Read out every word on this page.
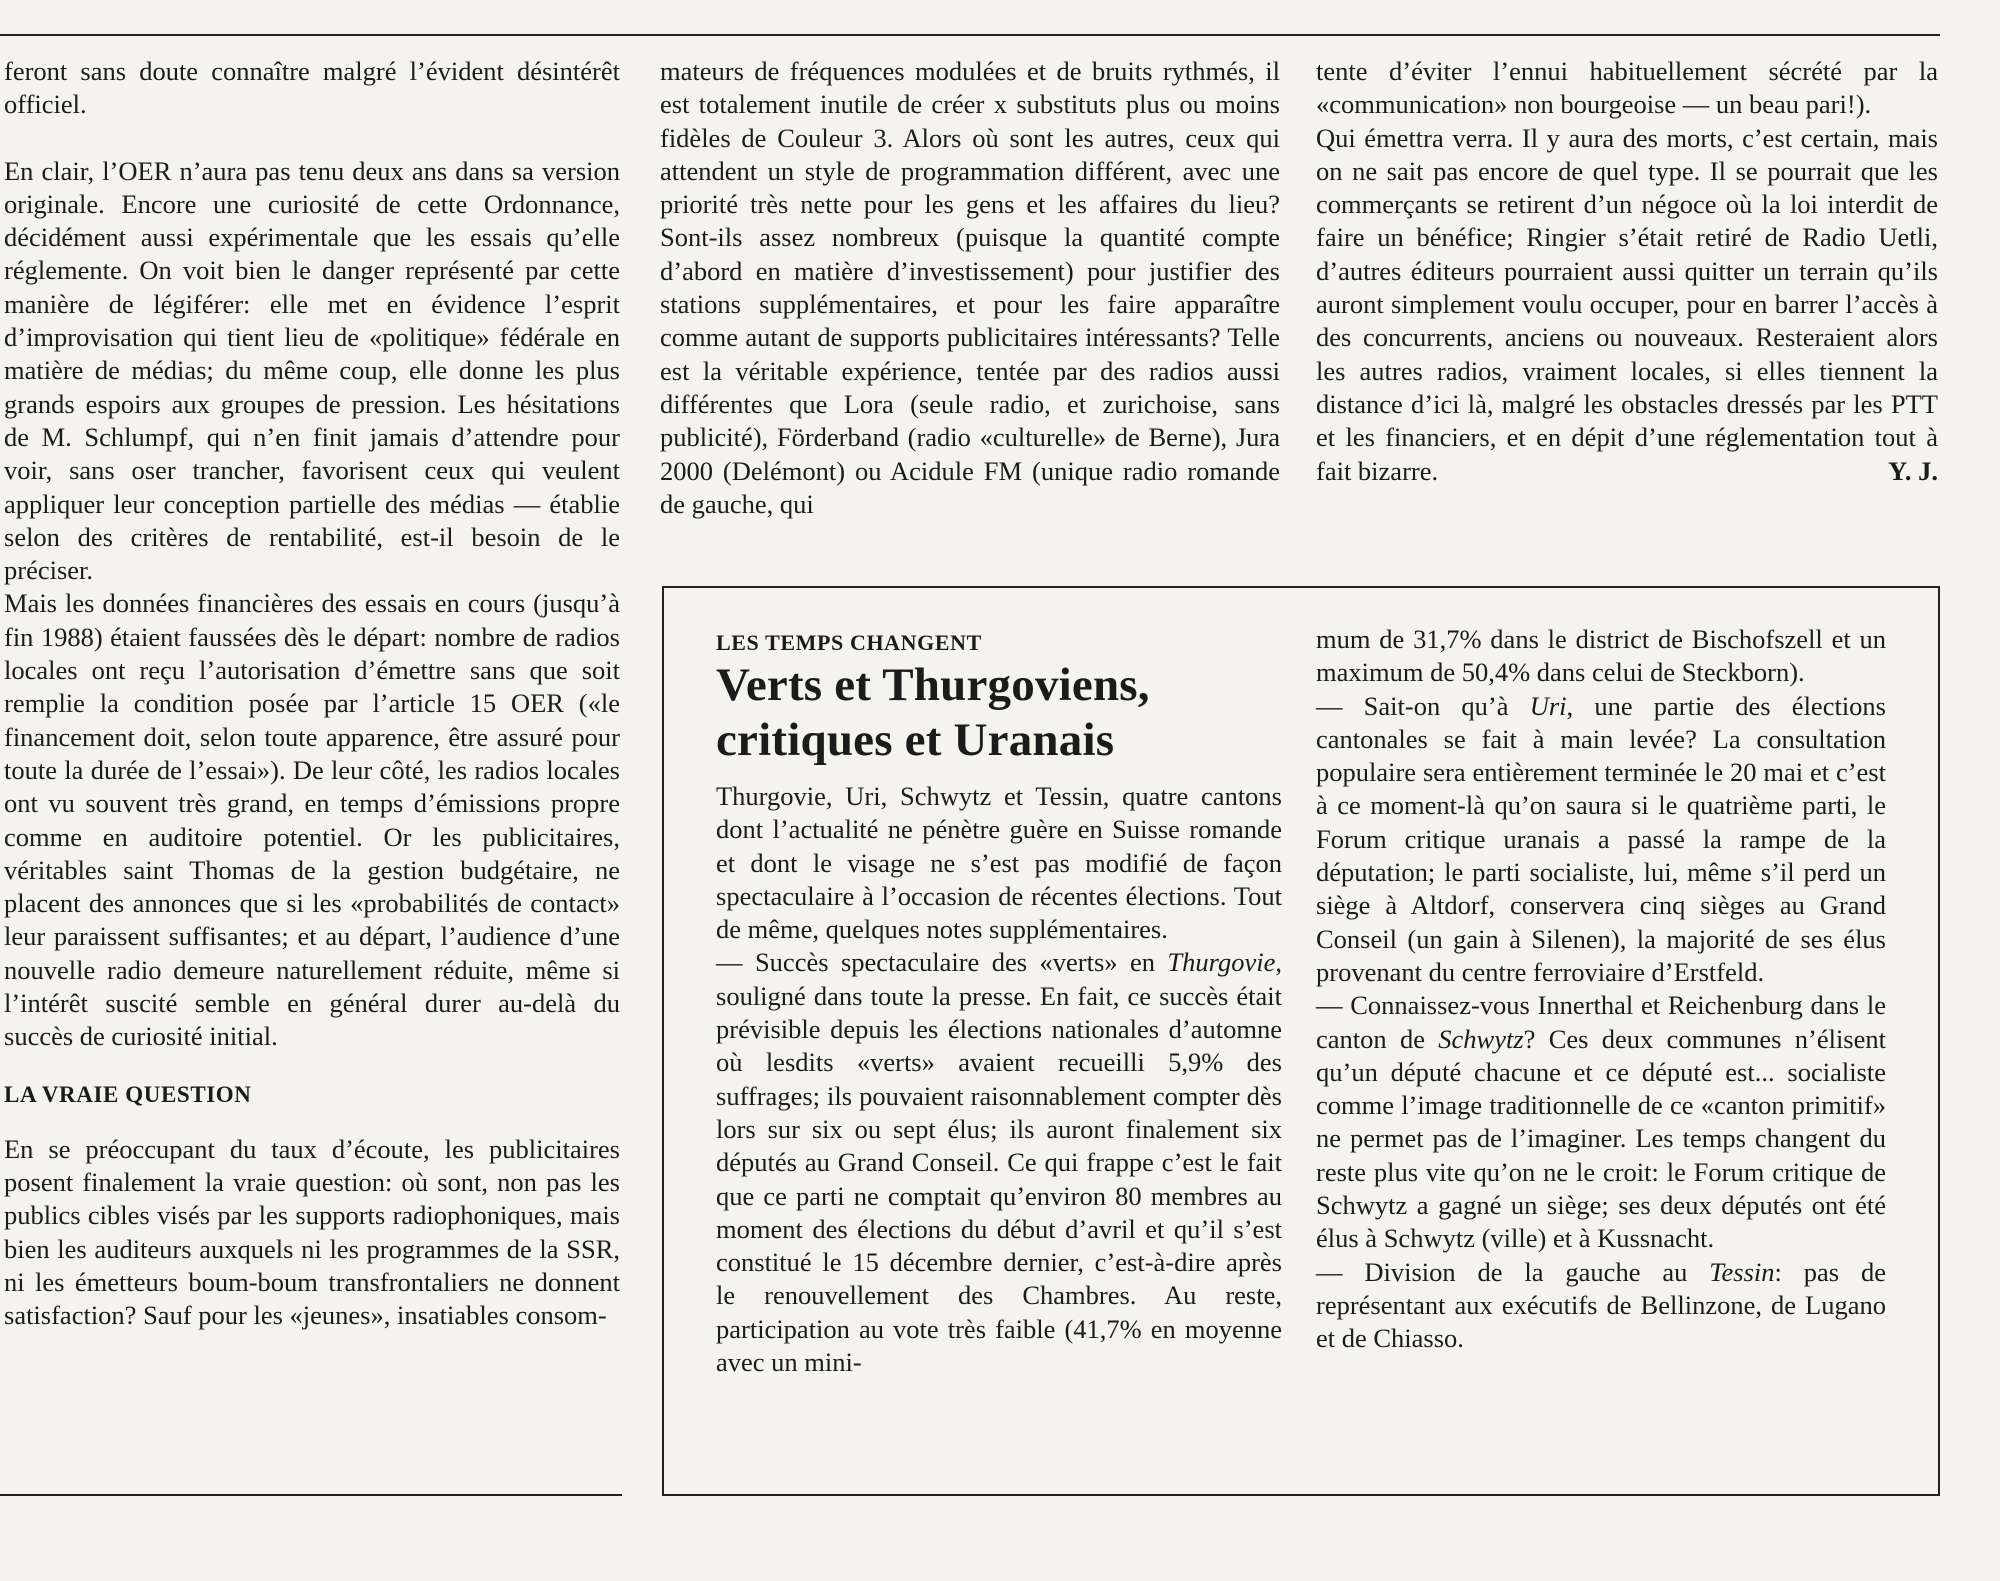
feront sans doute connaître malgré l’évident désintérêt officiel.

En clair, l’OER n’aura pas tenu deux ans dans sa version originale. Encore une curiosité de cette Ordonnance, décidément aussi expérimentale que les essais qu’elle réglemente. On voit bien le danger représenté par cette manière de légiférer: elle met en évidence l’esprit d’improvisation qui tient lieu de «politique» fédérale en matière de médias; du même coup, elle donne les plus grands espoirs aux groupes de pression. Les hésitations de M. Schlumpf, qui n’en finit jamais d’attendre pour voir, sans oser trancher, favorisent ceux qui veulent appliquer leur conception partielle des médias — établie selon des critères de rentabilité, est-il besoin de le préciser.

Mais les données financières des essais en cours (jusqu’à fin 1988) étaient faussées dès le départ: nombre de radios locales ont reçu l’autorisation d’émettre sans que soit remplie la condition posée par l’article 15 OER («le financement doit, selon toute apparence, être assuré pour toute la durée de l’essai»). De leur côté, les radios locales ont vu souvent très grand, en temps d’émissions propre comme en auditoire potentiel. Or les publicitaires, véritables saint Thomas de la gestion budgétaire, ne placent des annonces que si les «probabilités de contact» leur paraissent suffisantes; et au départ, l’audience d’une nouvelle radio demeure naturellement réduite, même si l’intérêt suscité semble en général durer au-delà du succès de curiosité initial.

LA VRAIE QUESTION

En se préoccupant du taux d’écoute, les publicitaires posent finalement la vraie question: où sont, non pas les publics cibles visés par les supports radiophoniques, mais bien les auditeurs auxquels ni les programmes de la SSR, ni les émetteurs boum-boum transfrontaliers ne donnent satisfaction? Sauf pour les «jeunes», insatiables consom-

mateurs de fréquences modulées et de bruits rythmés, il est totalement inutile de créer x substituts plus ou moins fidèles de Couleur 3. Alors où sont les autres, ceux qui attendent un style de programmation différent, avec une priorité très nette pour les gens et les affaires du lieu? Sont-ils assez nombreux (puisque la quantité compte d’abord en matière d’investissement) pour justifier des stations supplémentaires, et pour les faire apparaître comme autant de supports publicitaires intéressants? Telle est la véritable expérience, tentée par des radios aussi différentes que Lora (seule radio, et zurichoise, sans publicité), Förderband (radio «culturelle» de Berne), Jura 2000 (Delémont) ou Acidule FM (unique radio romande de gauche, qui

tente d’éviter l’ennui habituellement sécrété par la «communication» non bourgeoise — un beau pari!).

Qui émettra verra. Il y aura des morts, c’est certain, mais on ne sait pas encore de quel type. Il se pourrait que les commerçants se retirent d’un négoce où la loi interdit de faire un bénéfice; Ringier s’était retiré de Radio Uetli, d’autres éditeurs pourraient aussi quitter un terrain qu’ils auront simplement voulu occuper, pour en barrer l’accès à des concurrents, anciens ou nouveaux. Resteraient alors les autres radios, vraiment locales, si elles tiennent la distance d’ici là, malgré les obstacles dressés par les PTT et les financiers, et en dépit d’une réglementation tout à fait bizarre.	Y. J.

LES TEMPS CHANGENT

Verts et Thurgoviens,
critiques et Uranais

Thurgovie, Uri, Schwytz et Tessin, quatre cantons dont l’actualité ne pénètre guère en Suisse romande et dont le visage ne s’est pas modifié de façon spectaculaire à l’occasion de récentes élections. Tout de même, quelques notes supplémentaires.

— Succès spectaculaire des «verts» en Thurgovie, souligné dans toute la presse. En fait, ce succès était prévisible depuis les élections nationales d’automne où lesdits «verts» avaient recueilli 5,9% des suffrages; ils pouvaient raisonnablement compter dès lors sur six ou sept élus; ils auront finalement six députés au Grand Conseil. Ce qui frappe c’est le fait que ce parti ne comptait qu’environ 80 membres au moment des élections du début d’avril et qu’il s’est constitué le 15 décembre dernier, c’est-à-dire après le renouvellement des Chambres. Au reste, participation au vote très faible (41,7% en moyenne avec un mini-

mum de 31,7% dans le district de Bischofszell et un maximum de 50,4% dans celui de Steckborn).

— Sait-on qu’à Uri, une partie des élections cantonales se fait à main levée? La consultation populaire sera entièrement terminée le 20 mai et c’est à ce moment-là qu’on saura si le quatrième parti, le Forum critique uranais a passé la rampe de la députation; le parti socialiste, lui, même s’il perd un siège à Altdorf, conservera cinq sièges au Grand Conseil (un gain à Silenen), la majorité de ses élus provenant du centre ferroviaire d’Erstfeld.

— Connaissez-vous Innerthal et Reichenburg dans le canton de Schwytz? Ces deux communes n’élisent qu’un député chacune et ce député est... socialiste comme l’image traditionnelle de ce «canton primitif» ne permet pas de l’imaginer. Les temps changent du reste plus vite qu’on ne le croit: le Forum critique de Schwytz a gagné un siège; ses deux députés ont été élus à Schwytz (ville) et à Kussnacht.

— Division de la gauche au Tessin: pas de représentant aux exécutifs de Bellinzone, de Lugano et de Chiasso.
